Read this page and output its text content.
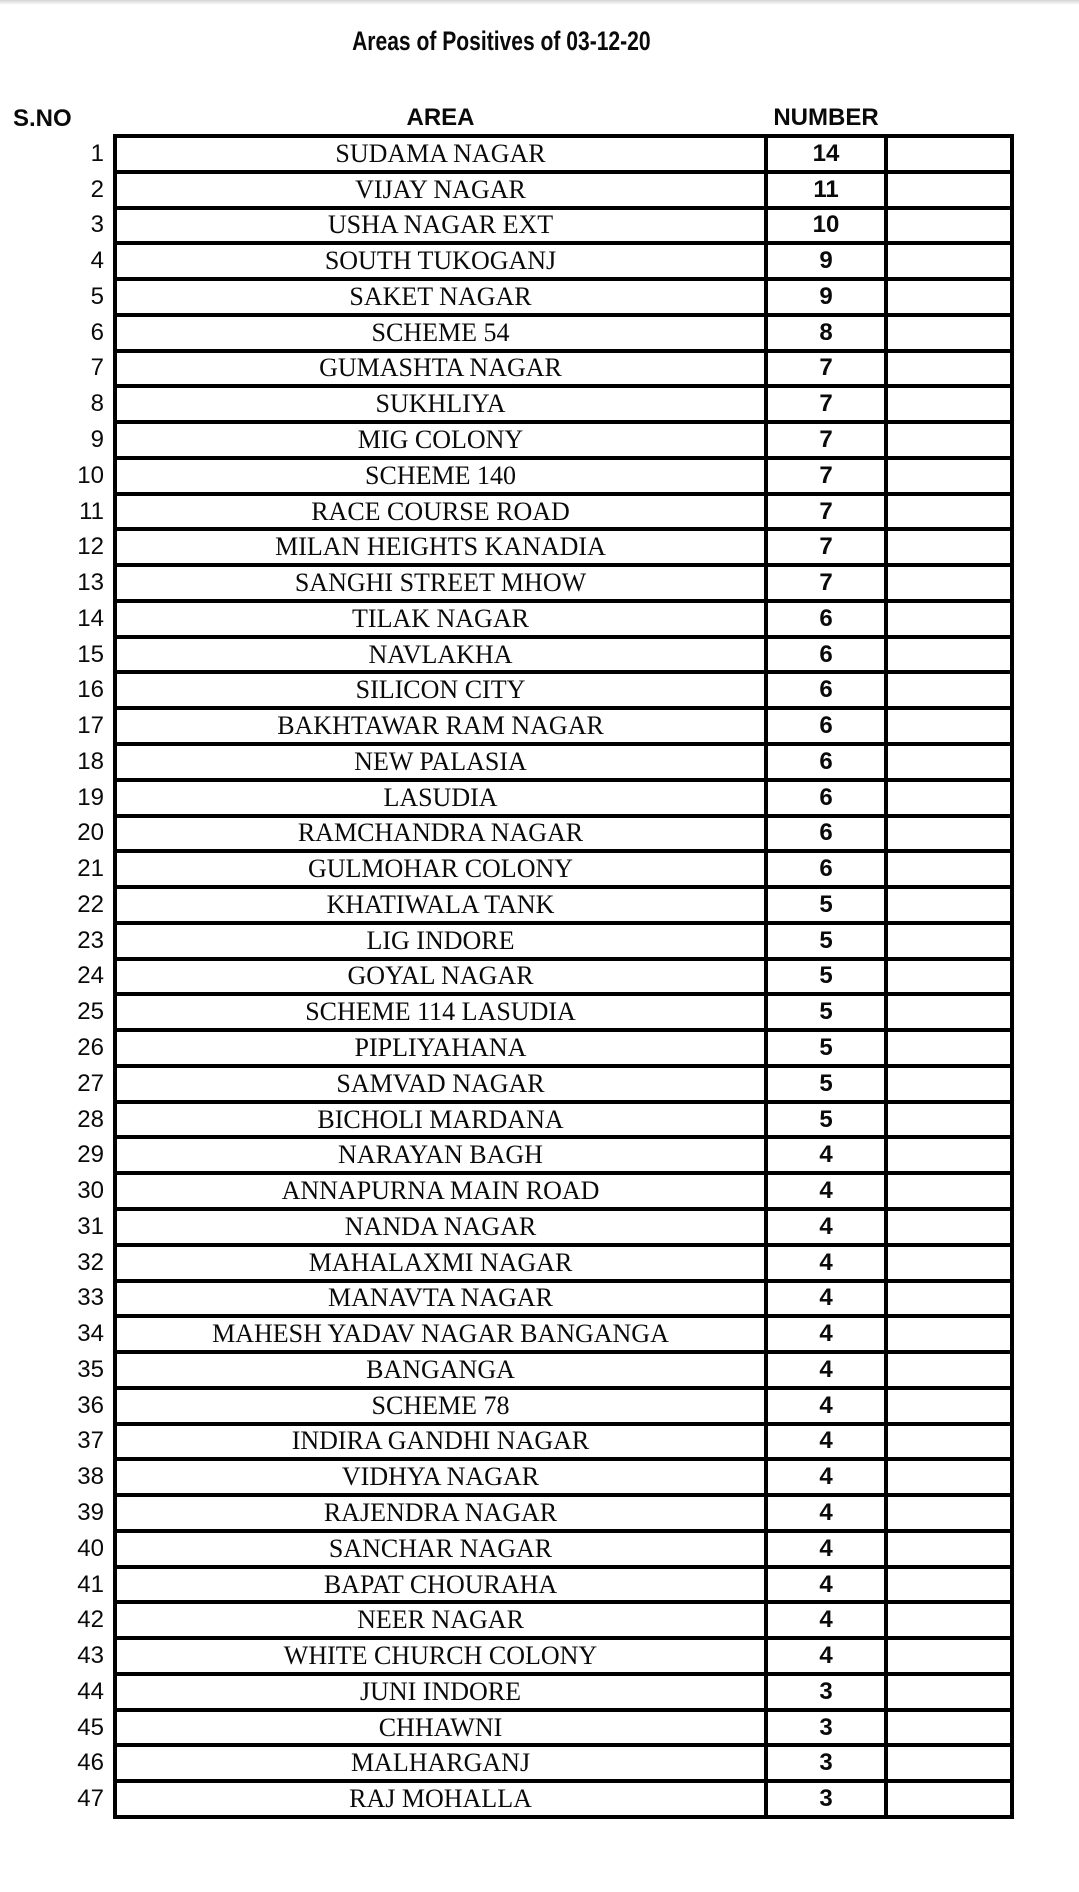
Areas of Positives of 03-12-20
S.NO	AREA	NUMBER	
1	SUDAMA NAGAR	14	
2	VIJAY NAGAR	11	
3	USHA NAGAR EXT	10	
4	SOUTH TUKOGANJ	9	
5	SAKET NAGAR	9	
6	SCHEME 54	8	
7	GUMASHTA NAGAR	7	
8	SUKHLIYA	7	
9	MIG COLONY	7	
10	SCHEME 140	7	
11	RACE COURSE ROAD	7	
12	MILAN HEIGHTS KANADIA	7	
13	SANGHI STREET MHOW	7	
14	TILAK NAGAR	6	
15	NAVLAKHA	6	
16	SILICON CITY	6	
17	BAKHTAWAR RAM NAGAR	6	
18	NEW PALASIA	6	
19	LASUDIA	6	
20	RAMCHANDRA NAGAR	6	
21	GULMOHAR COLONY	6	
22	KHATIWALA TANK	5	
23	LIG INDORE	5	
24	GOYAL NAGAR	5	
25	SCHEME 114 LASUDIA	5	
26	PIPLIYAHANA	5	
27	SAMVAD NAGAR	5	
28	BICHOLI MARDANA	5	
29	NARAYAN BAGH	4	
30	ANNAPURNA MAIN ROAD	4	
31	NANDA NAGAR	4	
32	MAHALAXMI NAGAR	4	
33	MANAVTA NAGAR	4	
34	MAHESH YADAV NAGAR BANGANGA	4	
35	BANGANGA	4	
36	SCHEME 78	4	
37	INDIRA GANDHI NAGAR	4	
38	VIDHYA NAGAR	4	
39	RAJENDRA NAGAR	4	
40	SANCHAR NAGAR	4	
41	BAPAT CHOURAHA	4	
42	NEER NAGAR	4	
43	WHITE CHURCH COLONY	4	
44	JUNI INDORE	3	
45	CHHAWNI	3	
46	MALHARGANJ	3	
47	RAJ MOHALLA	3	
